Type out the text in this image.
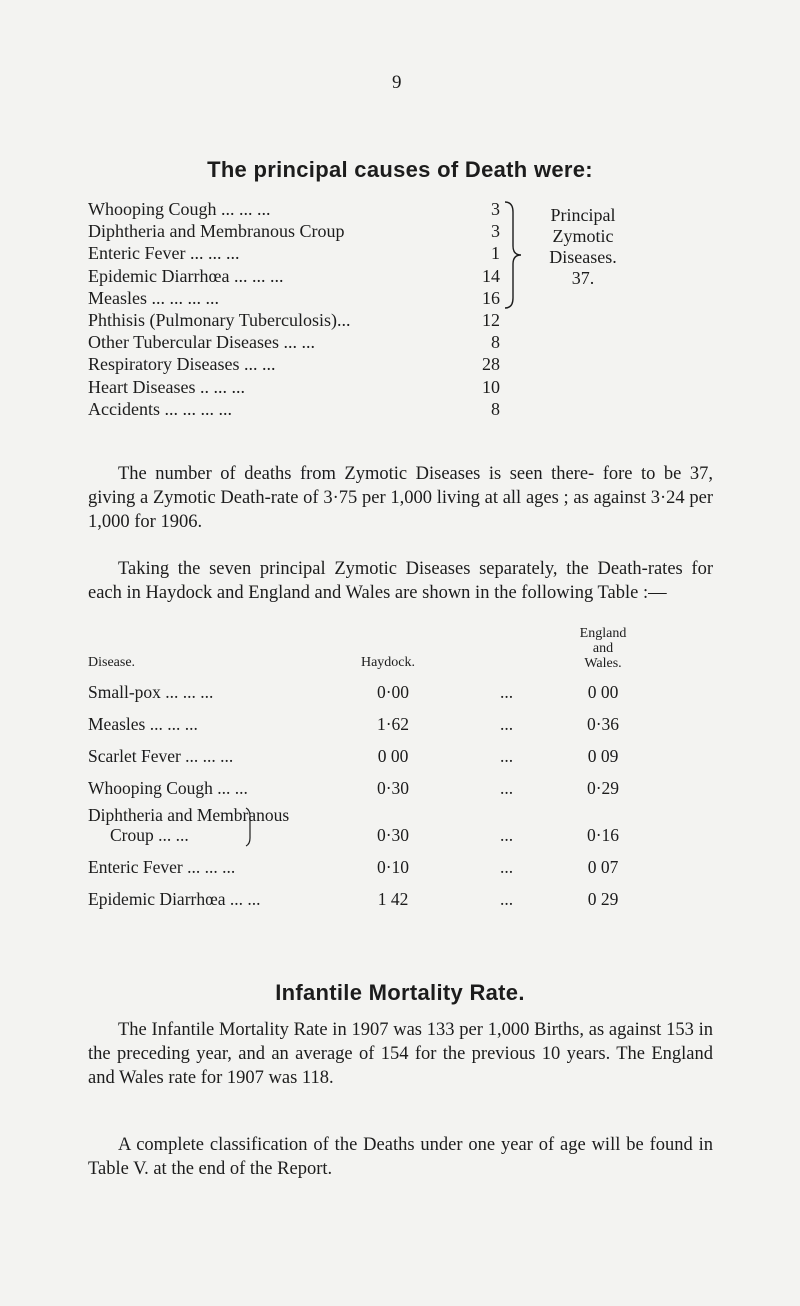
9
The principal causes of Death were:
Whooping Cough ... ... ...	3
Diphtheria and Membranous Croup	3
Enteric Fever ... ... ...	1
Epidemic Diarrhœa ... ... ...	14
Measles ... ... ... ...	16
Phthisis (Pulmonary Tuberculosis)...	12
Other Tubercular Diseases ... ...	8
Respiratory Diseases ... ...	28
Heart Diseases .. ... ...	10
Accidents ... ... ... ...	8
Principal
Zymotic
Diseases.
37.
The number of deaths from Zymotic Diseases is seen there- fore to be 37, giving a Zymotic Death-rate of 3·75 per 1,000 living at all ages ; as against 3·24 per 1,000 for 1906.
Taking the seven principal Zymotic Diseases separately, the Death-rates for each in Haydock and England and Wales are shown in the following Table :—
Disease.	Haydock.
England
and
Wales.
Small-pox ... ... ...	0·00	...	0 00
Measles ... ... ...	1·62	...	0·36
Scarlet Fever ... ... ...	0 00	...	0 09
Whooping Cough ... ...	0·30	...	0·29
Diphtheria and Membranous
Croup ... ...	0·30	...	0·16
Enteric Fever ... ... ...	0·10	...	0 07
Epidemic Diarrhœa ... ...	1 42	...	0 29
Infantile Mortality Rate.
The Infantile Mortality Rate in 1907 was 133 per 1,000 Births, as against 153 in the preceding year, and an average of 154 for the previous 10 years. The England and Wales rate for 1907 was 118.
A complete classification of the Deaths under one year of age will be found in Table V. at the end of the Report.
